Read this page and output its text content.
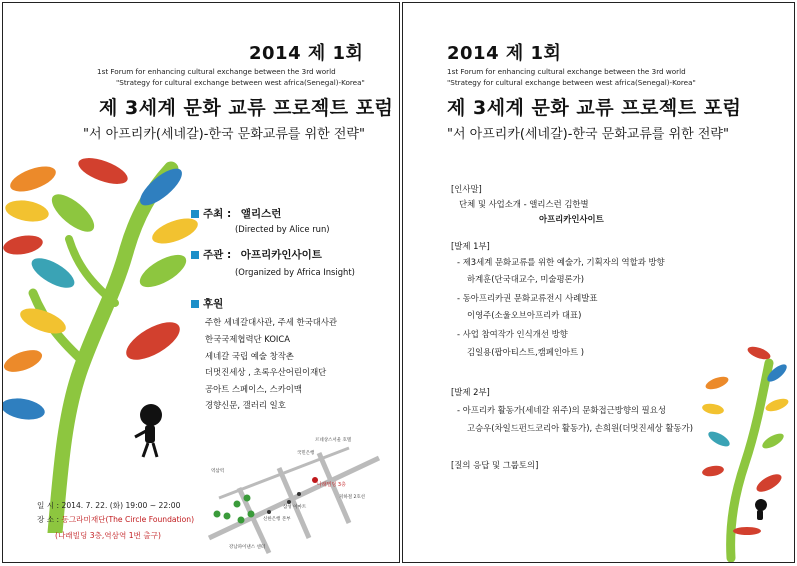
2014 제 1회
1st Forum for enhancing cultural exchange between the 3rd world
"Strategy for cultural exchange between west africa(Senegal)-Korea"
제 3세계 문화 교류 프로젝트 포럼
"서 아프리카(세네갈)-한국 문화교류를 위한 전략"
주최 : 앨리스런
(Directed by Alice run)
주관 : 아프리카인사이트
(Organized by Africa Insight)
후원
주한 세네갈대사관, 주세 한국대사관
한국국제협력단 KOICA
세네갈 국립 예술 창작촌
더멋진세상 , 초록우산어린이재단
공아트 스페이스, 스카이맥
경향신문, 갤러리 일호
르네상스서울 호텔
국민은행
나래빌딩 3층
역삼역
삼성 이마트
신한은행 본부
지하철 2호선
강남파이낸스 센터
일 시 : 2014. 7. 22. (화) 19:00 ~ 22:00
장 소 : 동그라미재단(The Circle Foundation)
(나래빌딩 3층,역삼역 1번 출구)
2014 제 1회
1st Forum for enhancing cultural exchange between the 3rd world
"Strategy for cultural exchange between west africa(Senegal)-Korea"
제 3세계 문화 교류 프로젝트 포럼
"서 아프리카(세네갈)-한국 문화교류를 위한 전략"
[인사말]
단체 및 사업소개 - 앨리스런 김한별
아프리카인사이트
[발제 1부]
- 제3세계 문화교류를 위한 예술가, 기획자의 역할과 방향
하계훈(단국대교수, 미술평론가)
- 동아프리카권 문화교류전시 사례발표
이영주(소울오브아프리카 대표)
- 사업 참여작가 인식개선 방향
김일용(팝아티스트,캠페인아트 )
[발제 2부]
- 아프리카 활동가(세네갈 위주)의 문화접근방향의 필요성
고승우(차일드펀드코리아 활동가), 손희원(더멋진세상 활동가)
[질의 응답 및 그룹토의]
